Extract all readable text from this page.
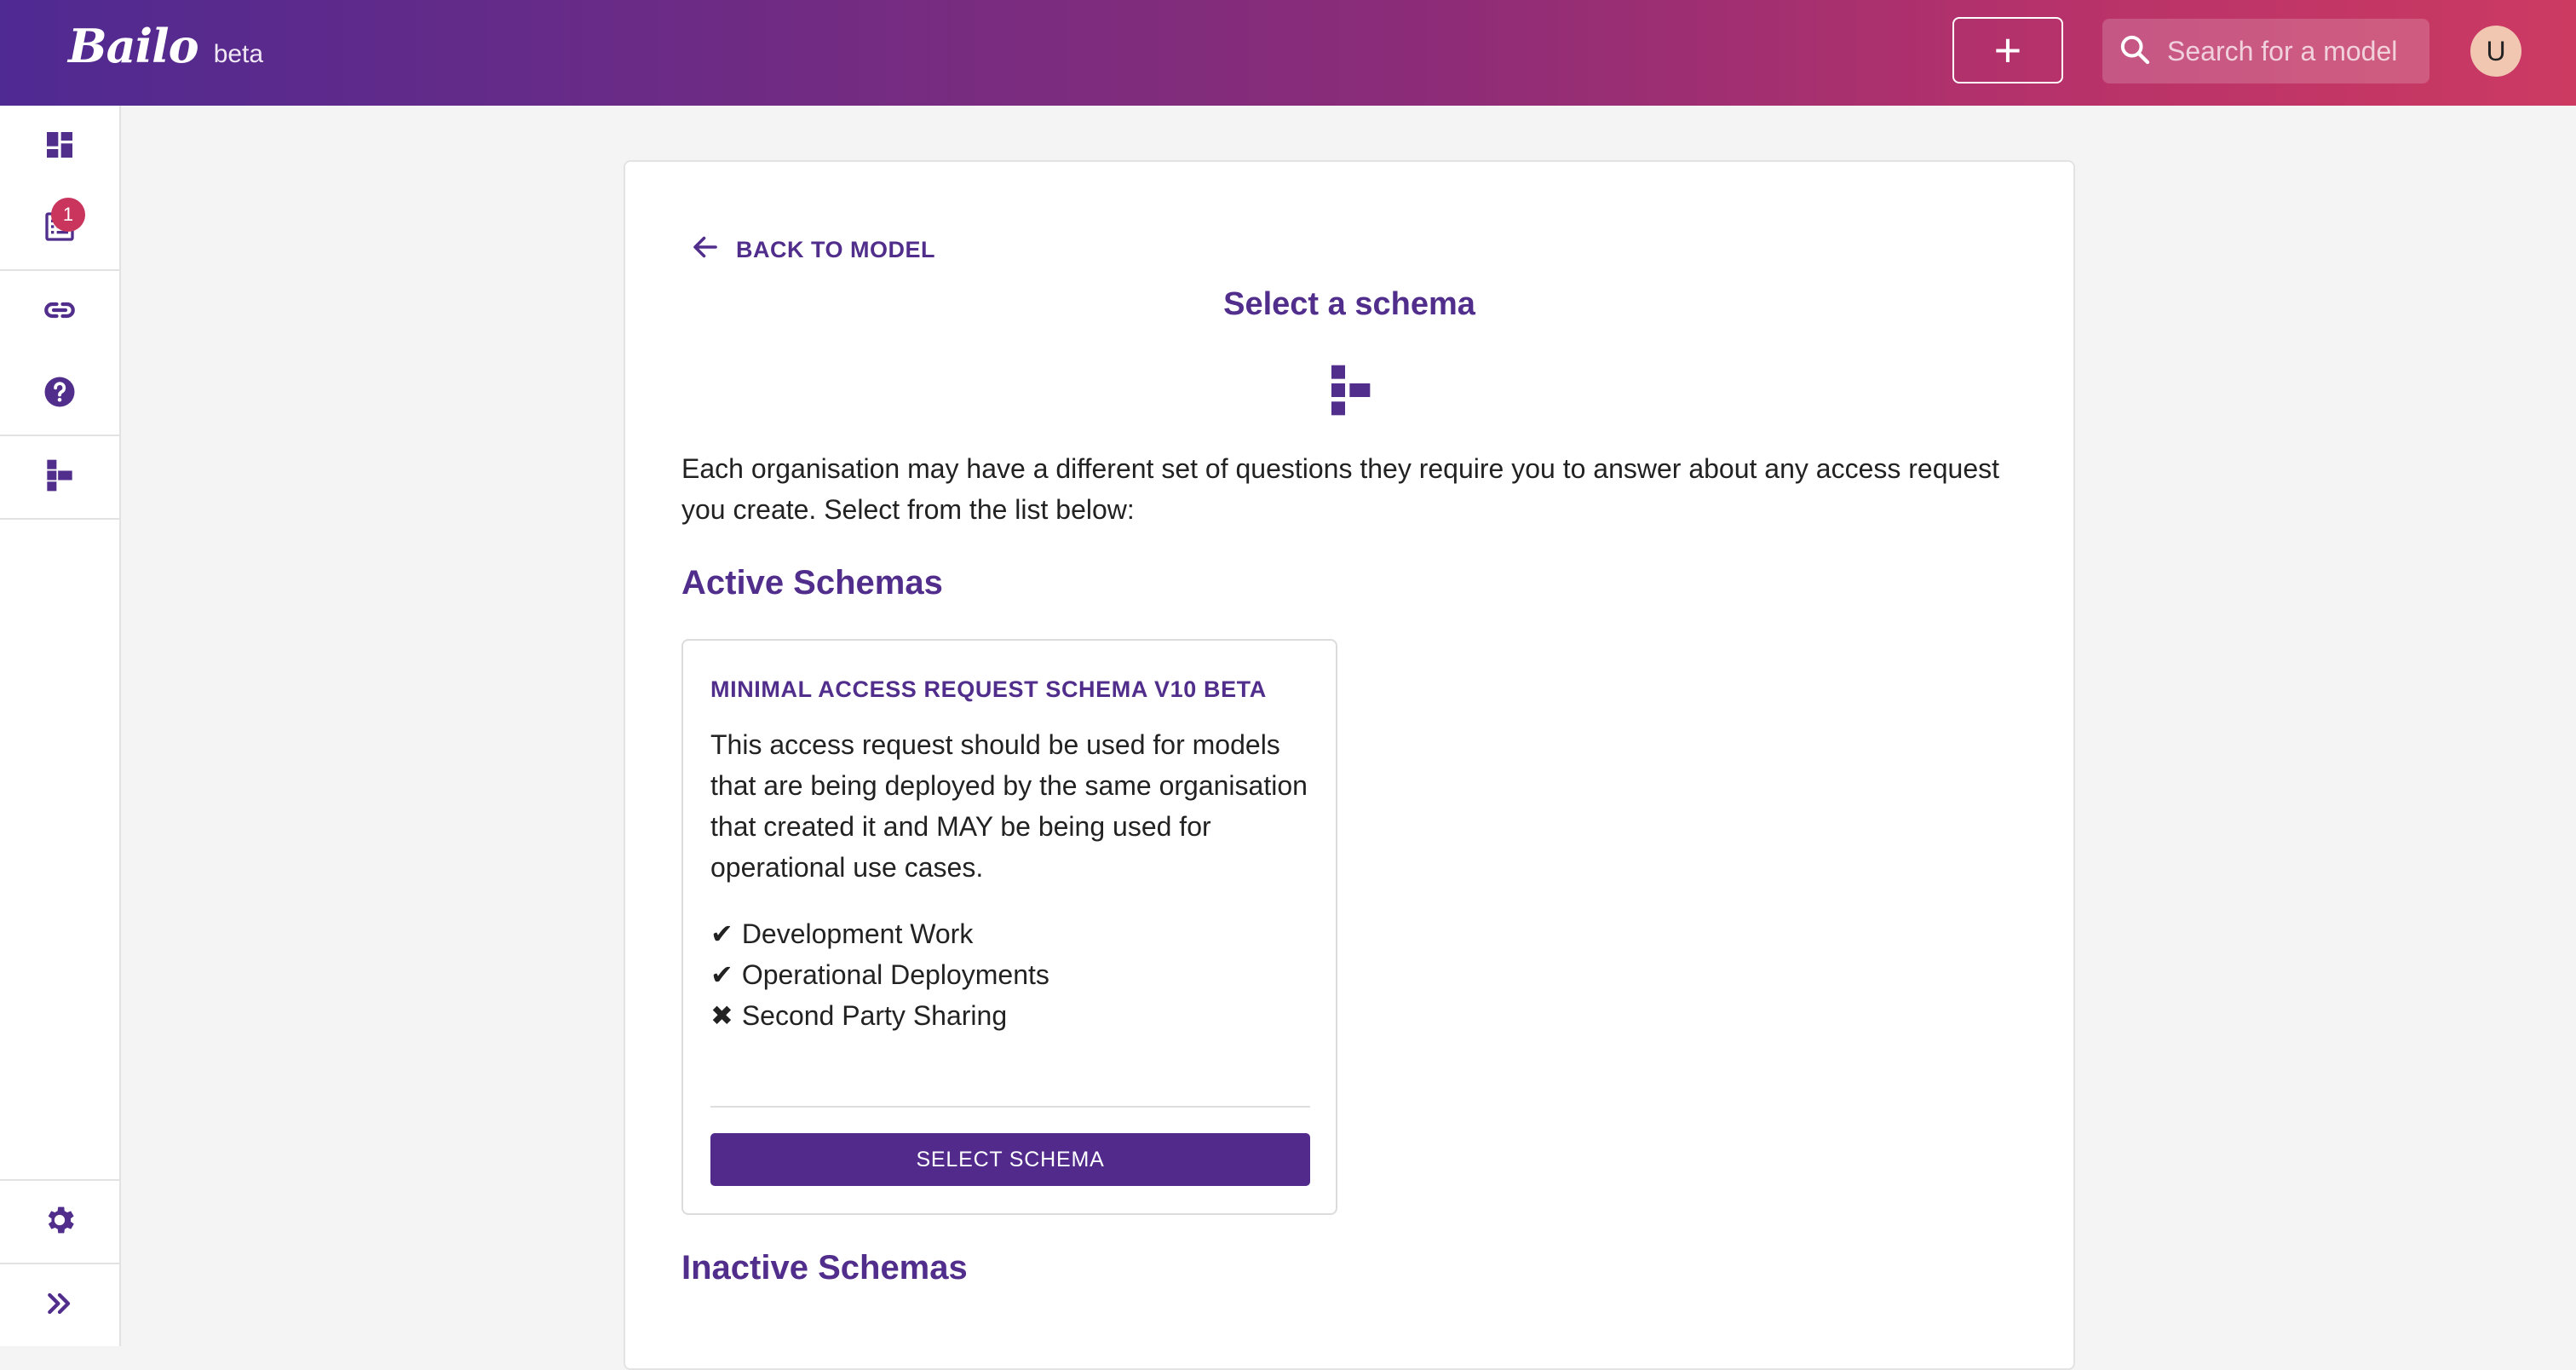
Bailo beta	+
Search for a model	U
1
BACK TO MODEL
Select a schema

Each organisation may have a different set of questions they require you to answer about any access request you create. Select from the list below:

Active Schemas
MINIMAL ACCESS REQUEST SCHEMA V10 BETA

This access request should be used for models that are being deployed by the same organisation that created it and MAY be being used for operational use cases.

✔ Development Work
✔ Operational Deployments
✖ Second Party Sharing
SELECT SCHEMA
Inactive Schemas
